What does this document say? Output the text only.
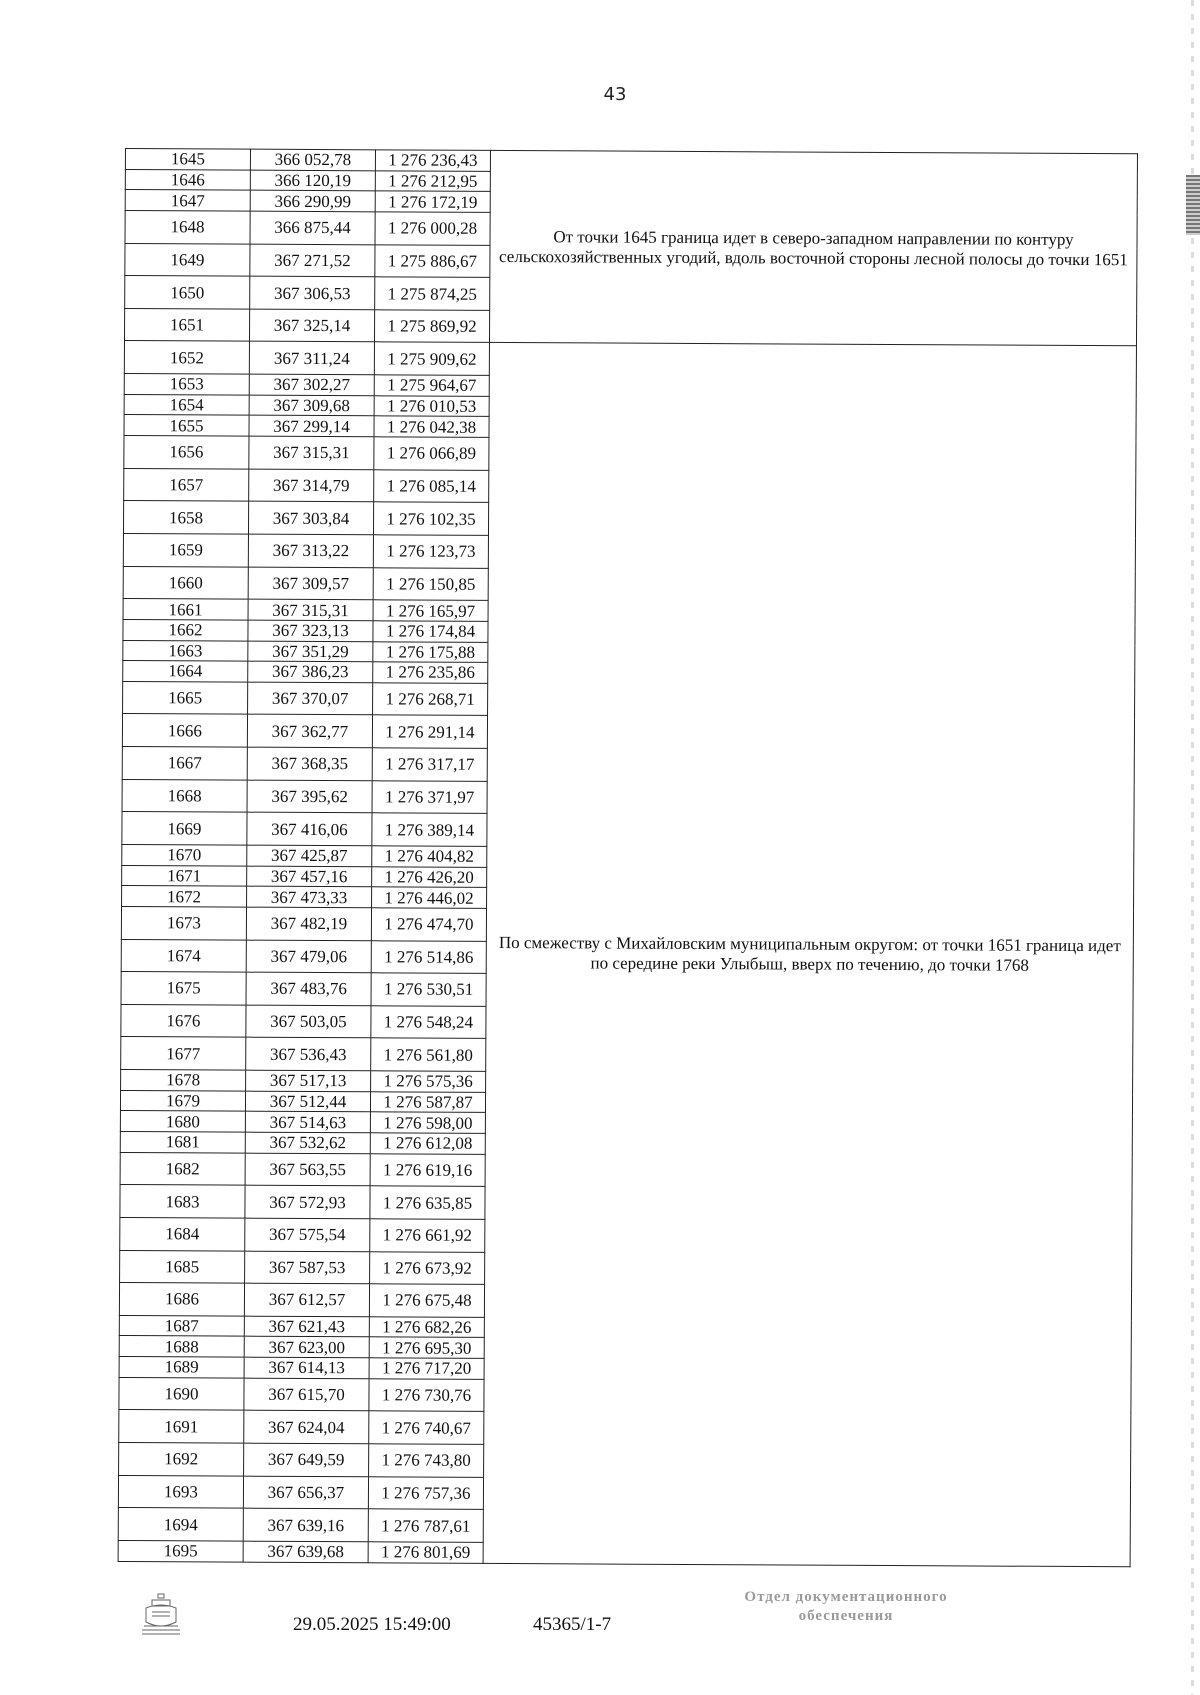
43
1645	366 052,78	1 276 236,43	От точки 1645 граница идет в северо-западном направлении по контуру сельскохозяйственных угодий, вдоль восточной стороны лесной полосы до точки 1651
1646	366 120,19	1 276 212,95	
1647	366 290,99	1 276 172,19	
1648	366 875,44	1 276 000,28	
1649	367 271,52	1 275 886,67	
1650	367 306,53	1 275 874,25	
1651	367 325,14	1 275 869,92	
1652	367 311,24	1 275 909,62	По смежеству с Михайловским муниципальным округом: от точки 1651 граница идет по середине реки Улыбыш, вверх по течению, до точки 1768
1653	367 302,27	1 275 964,67	
1654	367 309,68	1 276 010,53	
1655	367 299,14	1 276 042,38	
1656	367 315,31	1 276 066,89	
1657	367 314,79	1 276 085,14	
1658	367 303,84	1 276 102,35	
1659	367 313,22	1 276 123,73	
1660	367 309,57	1 276 150,85	
1661	367 315,31	1 276 165,97	
1662	367 323,13	1 276 174,84	
1663	367 351,29	1 276 175,88	
1664	367 386,23	1 276 235,86	
1665	367 370,07	1 276 268,71	
1666	367 362,77	1 276 291,14	
1667	367 368,35	1 276 317,17	
1668	367 395,62	1 276 371,97	
1669	367 416,06	1 276 389,14	
1670	367 425,87	1 276 404,82	
1671	367 457,16	1 276 426,20	
1672	367 473,33	1 276 446,02	
1673	367 482,19	1 276 474,70	
1674	367 479,06	1 276 514,86	
1675	367 483,76	1 276 530,51	
1676	367 503,05	1 276 548,24	
1677	367 536,43	1 276 561,80	
1678	367 517,13	1 276 575,36	
1679	367 512,44	1 276 587,87	
1680	367 514,63	1 276 598,00	
1681	367 532,62	1 276 612,08	
1682	367 563,55	1 276 619,16	
1683	367 572,93	1 276 635,85	
1684	367 575,54	1 276 661,92	
1685	367 587,53	1 276 673,92	
1686	367 612,57	1 276 675,48	
1687	367 621,43	1 276 682,26	
1688	367 623,00	1 276 695,30	
1689	367 614,13	1 276 717,20	
1690	367 615,70	1 276 730,76	
1691	367 624,04	1 276 740,67	
1692	367 649,59	1 276 743,80	
1693	367 656,37	1 276 757,36	
1694	367 639,16	1 276 787,61	
1695	367 639,68	1 276 801,69	
29.05.2025 15:49:00	45365/1-7
Отдел документационного
обеспечения
